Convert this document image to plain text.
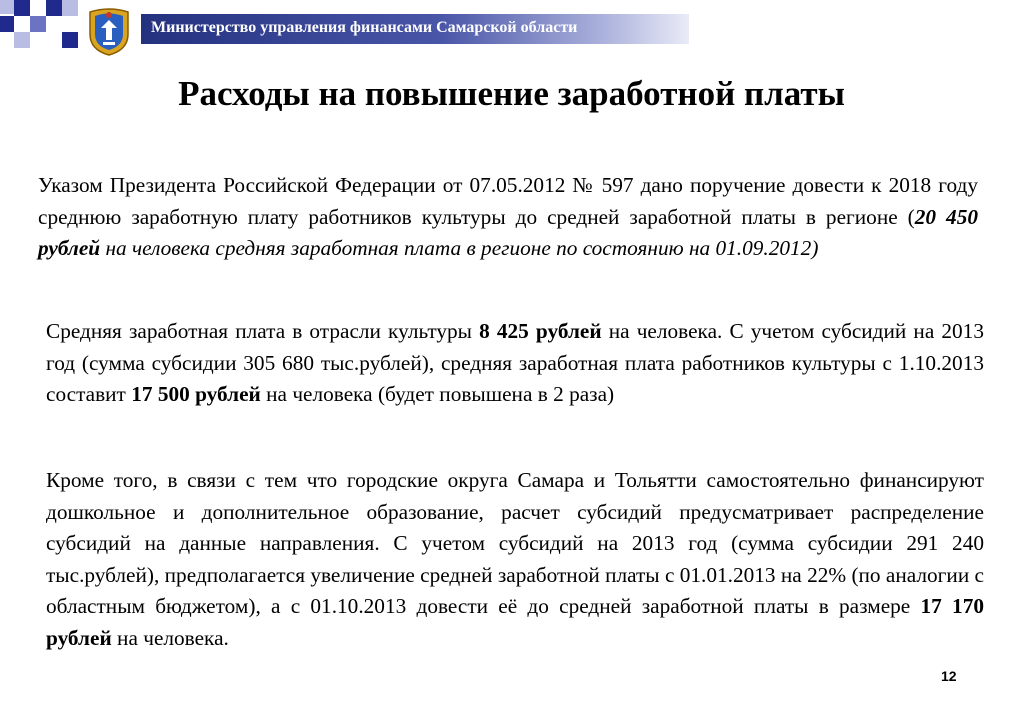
Министерство управления финансами Самарской области

Расходы на повышение заработной платы

Указом Президента Российской Федерации от 07.05.2012 № 597 дано поручение довести к 2018 году среднюю заработную плату работников культуры до средней заработной платы в регионе (20 450 рублей на человека средняя заработная плата в регионе по состоянию на 01.09.2012)

Средняя заработная плата в отрасли культуры 8 425 рублей на человека. С учетом субсидий на 2013 год (сумма субсидии 305 680 тыс.рублей), средняя заработная плата работников культуры с 1.10.2013 составит 17 500 рублей на человека (будет повышена в 2 раза)

Кроме того, в связи с тем что городские округа Самара и Тольятти самостоятельно финансируют дошкольное и дополнительное образование, расчет субсидий предусматривает распределение субсидий на данные направления. С учетом субсидий на 2013 год (сумма субсидии 291 240 тыс.рублей), предполагается увеличение средней заработной платы с 01.01.2013 на 22% (по аналогии с областным бюджетом), а с 01.10.2013 довести её до средней заработной платы в размере 17 170 рублей на человека.

12
